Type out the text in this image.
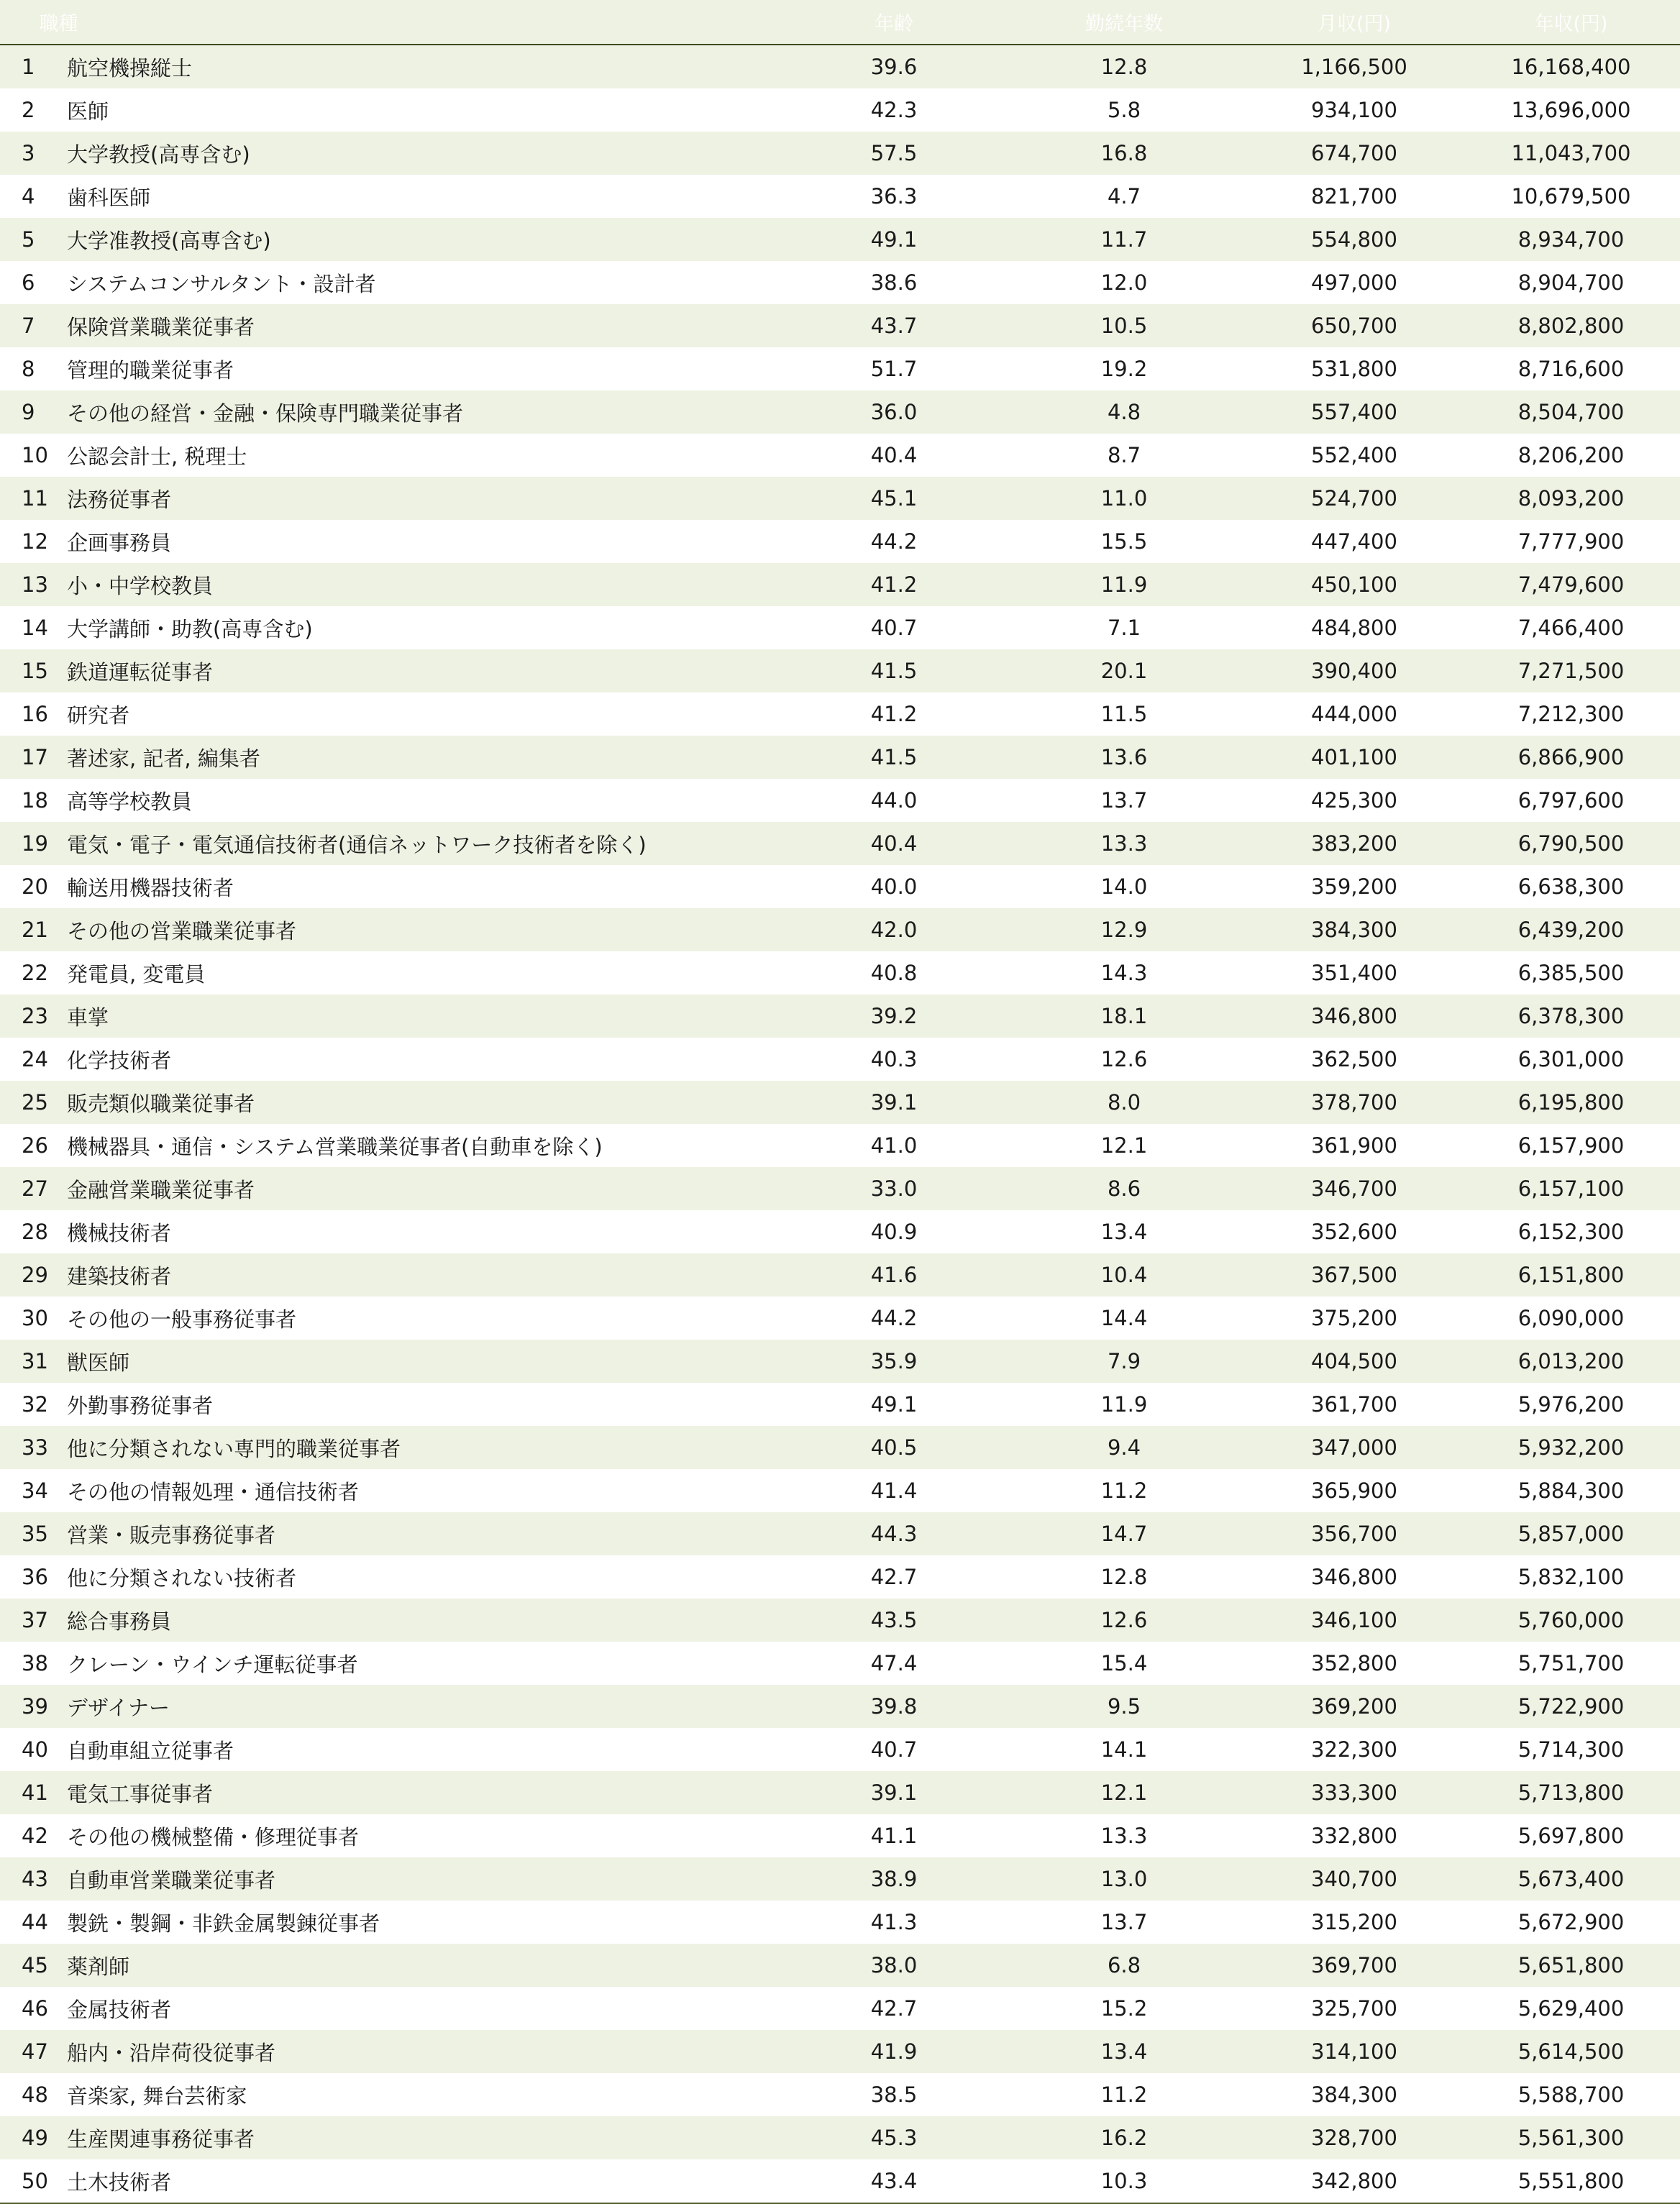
職種	年齢	勤続年数	月収(円)	年収(円)
1	航空機操縦士	39.6	12.8	1,166,500	16,168,400
2	医師	42.3	5.8	934,100	13,696,000
3	大学教授(高専含む)	57.5	16.8	674,700	11,043,700
4	歯科医師	36.3	4.7	821,700	10,679,500
5	大学准教授(高専含む)	49.1	11.7	554,800	8,934,700
6	システムコンサルタント・設計者	38.6	12.0	497,000	8,904,700
7	保険営業職業従事者	43.7	10.5	650,700	8,802,800
8	管理的職業従事者	51.7	19.2	531,800	8,716,600
9	その他の経営・金融・保険専門職業従事者	36.0	4.8	557,400	8,504,700
10 公認会計士, 税理士	40.4	8.7	552,400	8,206,200
11 法務従事者	45.1	11.0	524,700	8,093,200
12 企画事務員	44.2	15.5	447,400	7,777,900
13 小・中学校教員	41.2	11.9	450,100	7,479,600
14 大学講師・助教(高専含む)	40.7	7.1	484,800	7,466,400
15 鉄道運転従事者	41.5	20.1	390,400	7,271,500
16 研究者	41.2	11.5	444,000	7,212,300
17 著述家, 記者, 編集者	41.5	13.6	401,100	6,866,900
18 高等学校教員	44.0	13.7	425,300	6,797,600
19 電気・電子・電気通信技術者(通信ネットワーク技術者を除く)	40.4	13.3	383,200	6,790,500
20 輸送用機器技術者	40.0	14.0	359,200	6,638,300
21 その他の営業職業従事者	42.0	12.9	384,300	6,439,200
22 発電員, 変電員	40.8	14.3	351,400	6,385,500
23 車掌	39.2	18.1	346,800	6,378,300
24 化学技術者	40.3	12.6	362,500	6,301,000
25 販売類似職業従事者	39.1	8.0	378,700	6,195,800
26 機械器具・通信・システム営業職業従事者(自動車を除く)	41.0	12.1	361,900	6,157,900
27 金融営業職業従事者	33.0	8.6	346,700	6,157,100
28 機械技術者	40.9	13.4	352,600	6,152,300
29 建築技術者	41.6	10.4	367,500	6,151,800
30 その他の一般事務従事者	44.2	14.4	375,200	6,090,000
31 獣医師	35.9	7.9	404,500	6,013,200
32 外勤事務従事者	49.1	11.9	361,700	5,976,200
33 他に分類されない専門的職業従事者	40.5	9.4	347,000	5,932,200
34 その他の情報処理・通信技術者	41.4	11.2	365,900	5,884,300
35 営業・販売事務従事者	44.3	14.7	356,700	5,857,000
36 他に分類されない技術者	42.7	12.8	346,800	5,832,100
37 総合事務員	43.5	12.6	346,100	5,760,000
38 クレーン・ウインチ運転従事者	47.4	15.4	352,800	5,751,700
39 デザイナー	39.8	9.5	369,200	5,722,900
40 自動車組立従事者	40.7	14.1	322,300	5,714,300
41 電気工事従事者	39.1	12.1	333,300	5,713,800
42 その他の機械整備・修理従事者	41.1	13.3	332,800	5,697,800
43 自動車営業職業従事者	38.9	13.0	340,700	5,673,400
44 製銑・製鋼・非鉄金属製錬従事者	41.3	13.7	315,200	5,672,900
45 薬剤師	38.0	6.8	369,700	5,651,800
46 金属技術者	42.7	15.2	325,700	5,629,400
47 船内・沿岸荷役従事者	41.9	13.4	314,100	5,614,500
48 音楽家, 舞台芸術家	38.5	11.2	384,300	5,588,700
49 生産関連事務従事者	45.3	16.2	328,700	5,561,300
50 土木技術者	43.4	10.3	342,800	5,551,800
